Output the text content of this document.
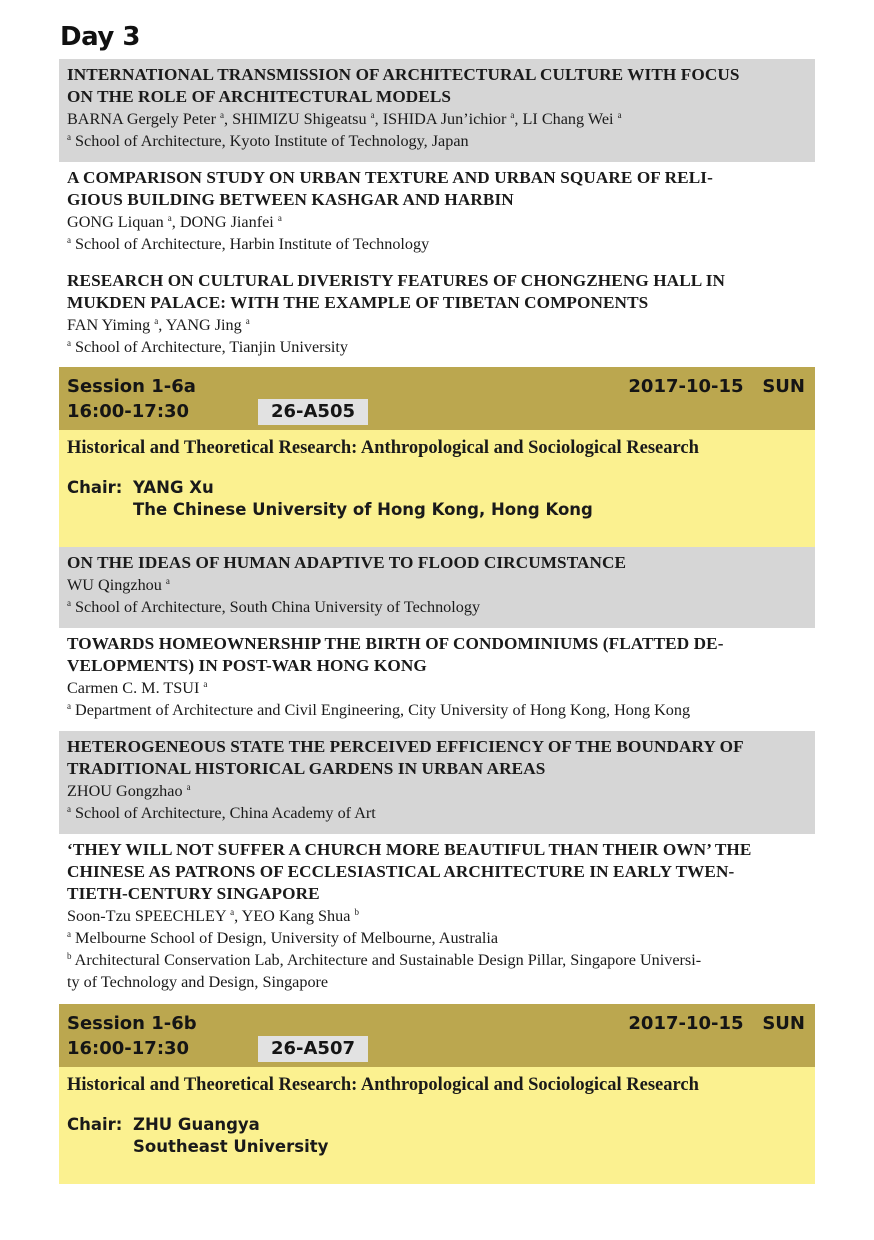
Day 3
INTERNATIONAL TRANSMISSION OF ARCHITECTURAL CULTURE WITH FOCUS
ON THE ROLE OF ARCHITECTURAL MODELS
BARNA Gergely Peter $^a$, SHIMIZU Shigeatsu $^a$, ISHIDA Jun’ichior $^a$, LI Chang Wei $^a$
$^a$ School of Architecture, Kyoto Institute of Technology, Japan
A COMPARISON STUDY ON URBAN TEXTURE AND URBAN SQUARE OF RELI-
GIOUS BUILDING BETWEEN KASHGAR AND HARBIN
GONG Liquan $^a$, DONG Jianfei $^a$
$^a$ School of Architecture, Harbin Institute of Technology
RESEARCH ON CULTURAL DIVERISTY FEATURES OF CHONGZHENG HALL IN
MUKDEN PALACE: WITH THE EXAMPLE OF TIBETAN COMPONENTS
FAN Yiming $^a$, YANG Jing $^a$
$^a$ School of Architecture, Tianjin University
Session 1-6a
16:00-17:30	26-A505
2017-10-15   SUN
Historical and Theoretical Research: Anthropological and Sociological Research
Chair: YANG Xu
The Chinese University of Hong Kong, Hong Kong
ON THE IDEAS OF HUMAN ADAPTIVE TO FLOOD CIRCUMSTANCE
WU Qingzhou $^a$
$^a$ School of Architecture, South China University of Technology
TOWARDS HOMEOWNERSHIP THE BIRTH OF CONDOMINIUMS (FLATTED DE-
VELOPMENTS) IN POST-WAR HONG KONG
Carmen C. M. TSUI $^a$
$^a$ Department of Architecture and Civil Engineering, City University of Hong Kong, Hong Kong
HETEROGENEOUS STATE THE PERCEIVED EFFICIENCY OF THE BOUNDARY OF
TRADITIONAL HISTORICAL GARDENS IN URBAN AREAS
ZHOU Gongzhao $^a$
$^a$ School of Architecture, China Academy of Art
‘THEY WILL NOT SUFFER A CHURCH MORE BEAUTIFUL THAN THEIR OWN’ THE
CHINESE AS PATRONS OF ECCLESIASTICAL ARCHITECTURE IN EARLY TWEN-
TIETH-CENTURY SINGAPORE
Soon-Tzu SPEECHLEY $^a$, YEO Kang Shua $^b$
$^a$ Melbourne School of Design, University of Melbourne, Australia
$^b$ Architectural Conservation Lab, Architecture and Sustainable Design Pillar, Singapore Universi-
ty of Technology and Design, Singapore
Session 1-6b
16:00-17:30	26-A507
2017-10-15   SUN
Historical and Theoretical Research: Anthropological and Sociological Research
Chair: ZHU Guangya
Southeast University
